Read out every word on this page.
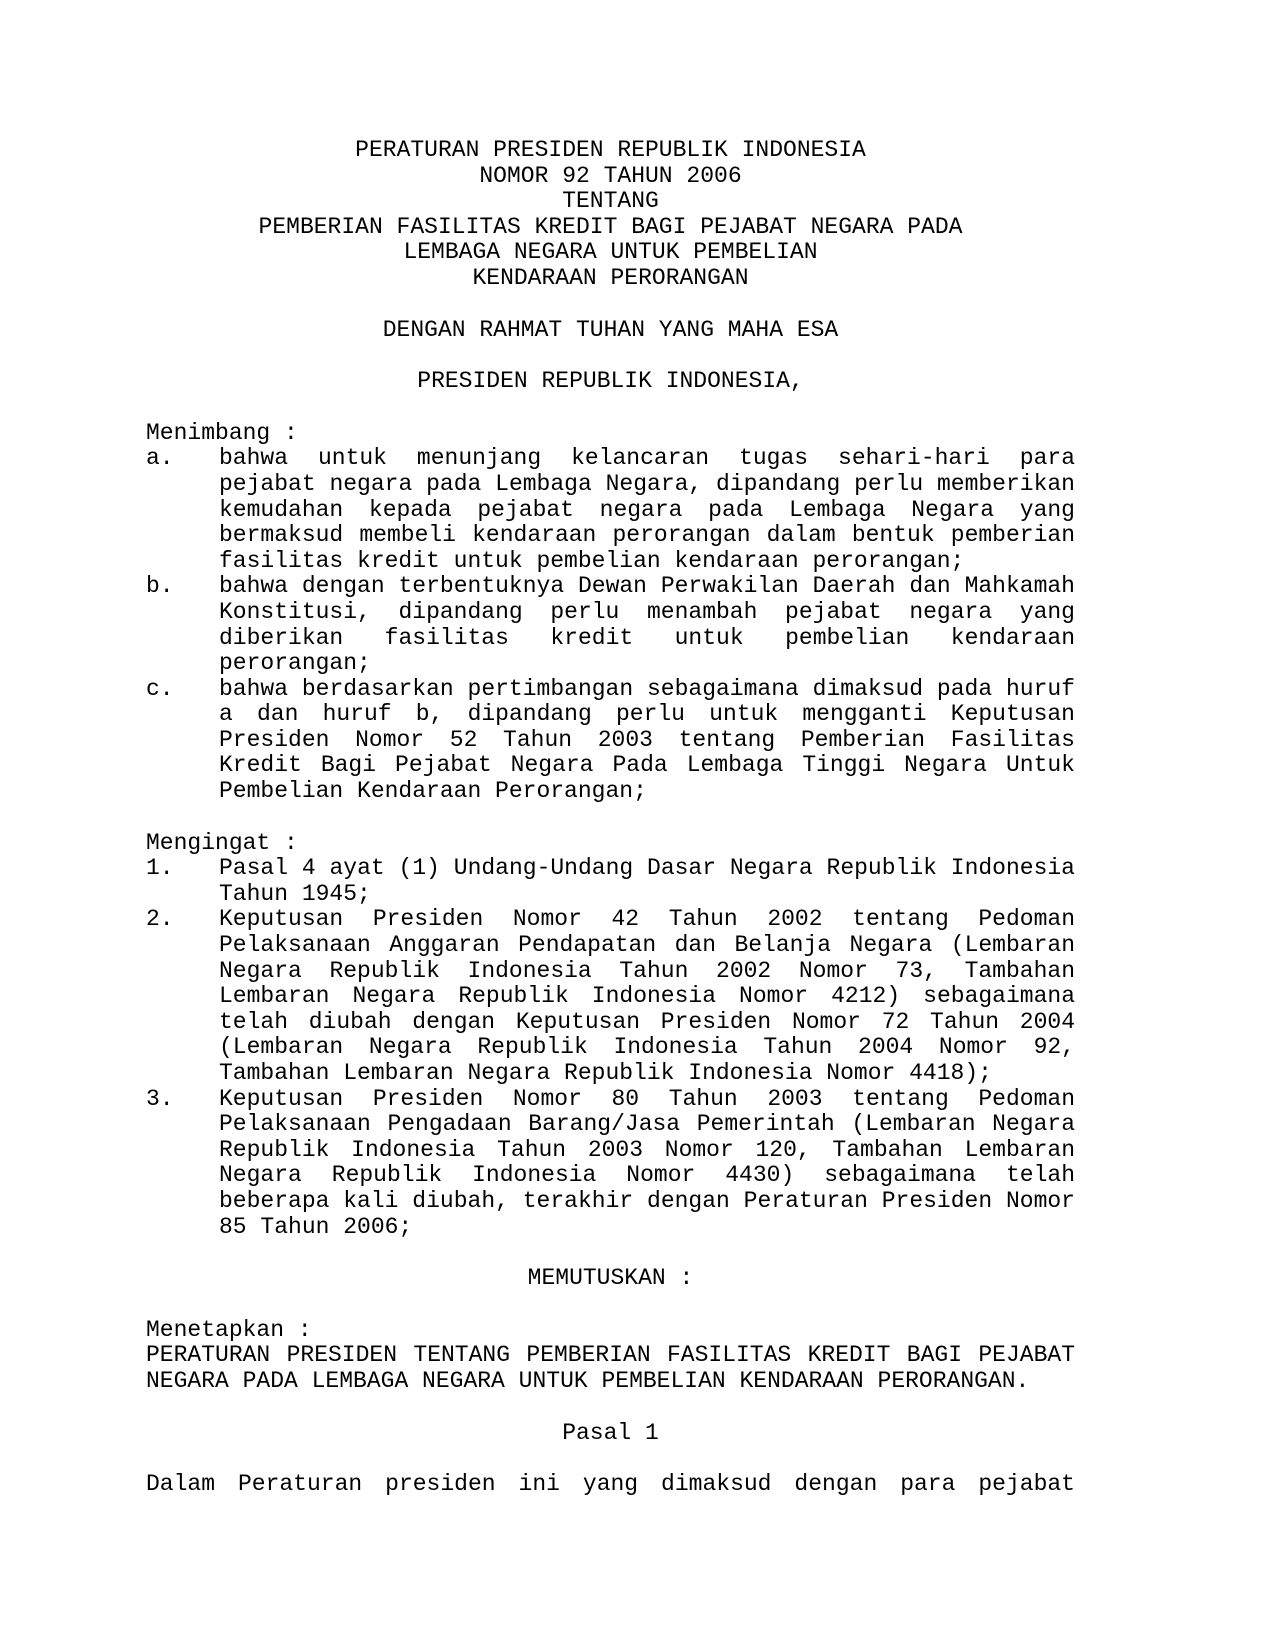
PERATURAN PRESIDEN REPUBLIK INDONESIA
NOMOR 92 TAHUN 2006
TENTANG
PEMBERIAN FASILITAS KREDIT BAGI PEJABAT NEGARA PADA
LEMBAGA NEGARA UNTUK PEMBELIAN
KENDARAAN PERORANGAN

DENGAN RAHMAT TUHAN YANG MAHA ESA

PRESIDEN REPUBLIK INDONESIA,

Menimbang :

a.	bahwa untuk menunjang kelancaran tugas sehari-hari para pejabat negara pada Lembaga Negara, dipandang perlu memberikan kemudahan kepada pejabat negara pada Lembaga Negara yang bermaksud membeli kendaraan perorangan dalam bentuk pemberian fasilitas kredit untuk pembelian kendaraan perorangan;
b.	bahwa dengan terbentuknya Dewan Perwakilan Daerah dan Mahkamah Konstitusi, dipandang perlu menambah pejabat negara yang diberikan fasilitas kredit untuk pembelian kendaraan perorangan;
c.	bahwa berdasarkan pertimbangan sebagaimana dimaksud pada huruf a dan huruf b, dipandang perlu untuk mengganti Keputusan Presiden Nomor 52 Tahun 2003 tentang Pemberian Fasilitas Kredit Bagi Pejabat Negara Pada Lembaga Tinggi Negara Untuk Pembelian Kendaraan Perorangan;

Mengingat :

1.	Pasal 4 ayat (1) Undang-Undang Dasar Negara Republik Indonesia Tahun 1945;
2.	Keputusan Presiden Nomor 42 Tahun 2002 tentang Pedoman Pelaksanaan Anggaran Pendapatan dan Belanja Negara (Lembaran Negara Republik Indonesia Tahun 2002 Nomor 73, Tambahan Lembaran Negara Republik Indonesia Nomor 4212) sebagaimana telah diubah dengan Keputusan Presiden Nomor 72 Tahun 2004 (Lembaran Negara Republik Indonesia Tahun 2004 Nomor 92, Tambahan Lembaran Negara Republik Indonesia Nomor 4418);
3.	Keputusan Presiden Nomor 80 Tahun 2003 tentang Pedoman Pelaksanaan Pengadaan Barang/Jasa Pemerintah (Lembaran Negara Republik Indonesia Tahun 2003 Nomor 120, Tambahan Lembaran Negara Republik Indonesia Nomor 4430) sebagaimana telah beberapa kali diubah, terakhir dengan Peraturan Presiden Nomor 85 Tahun 2006;

MEMUTUSKAN :

Menetapkan :

PERATURAN PRESIDEN TENTANG PEMBERIAN FASILITAS KREDIT BAGI PEJABAT NEGARA PADA LEMBAGA NEGARA UNTUK PEMBELIAN KENDARAAN PERORANGAN.

Pasal 1

Dalam Peraturan presiden ini yang dimaksud dengan para pejabat
